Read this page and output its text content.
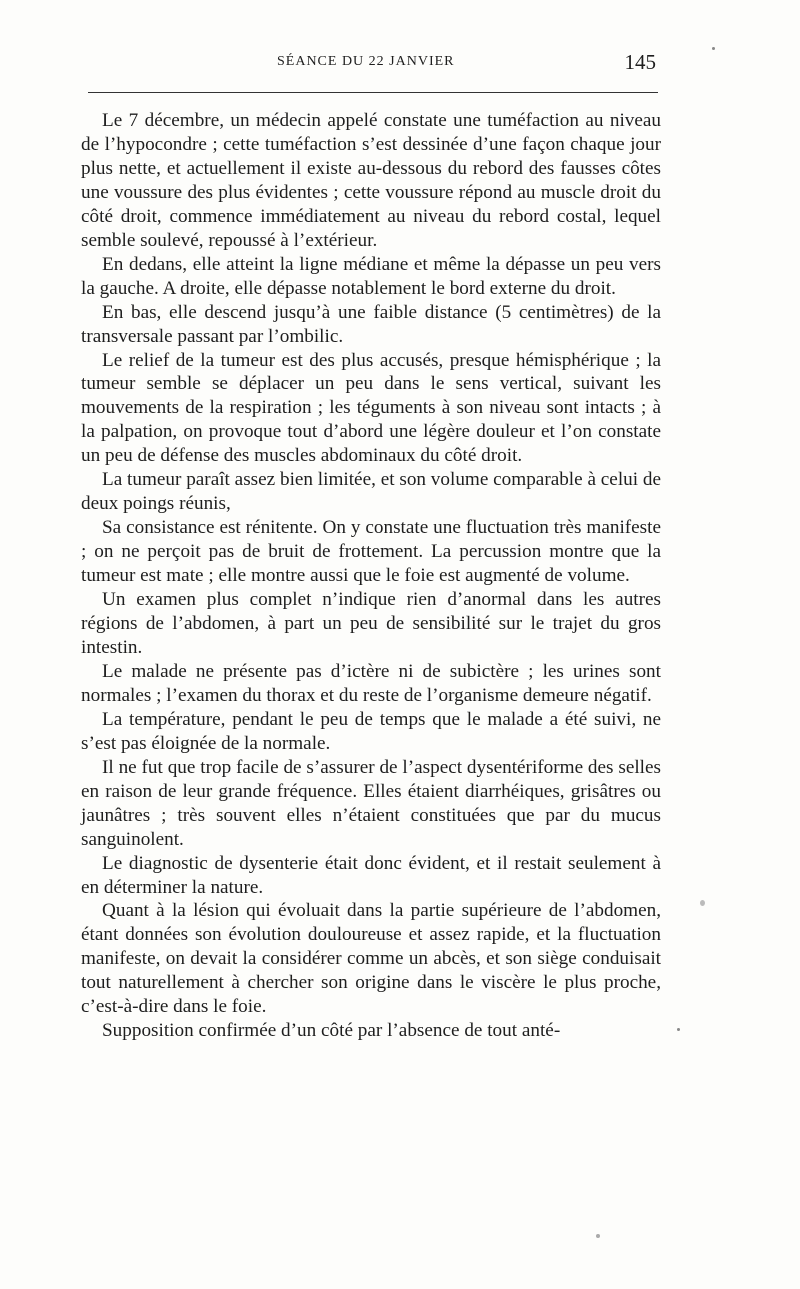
SÉANCE DU 22 JANVIER	145

Le 7 décembre, un médecin appelé constate une tuméfaction au niveau de l’hypocondre ; cette tuméfaction s’est dessinée d’une façon chaque jour plus nette, et actuellement il existe au-dessous du rebord des fausses côtes une voussure des plus évidentes ; cette voussure répond au muscle droit du côté droit, commence immédiatement au niveau du rebord costal, lequel semble soulevé, repoussé à l’extérieur.

En dedans, elle atteint la ligne médiane et même la dépasse un peu vers la gauche. A droite, elle dépasse notablement le bord externe du droit.

En bas, elle descend jusqu’à une faible distance (5 centimètres) de la transversale passant par l’ombilic.

Le relief de la tumeur est des plus accusés, presque hémisphérique ; la tumeur semble se déplacer un peu dans le sens vertical, suivant les mouvements de la respiration ; les téguments à son niveau sont intacts ; à la palpation, on provoque tout d’abord une légère douleur et l’on constate un peu de défense des muscles abdominaux du côté droit.

La tumeur paraît assez bien limitée, et son volume comparable à celui de deux poings réunis,

Sa consistance est rénitente. On y constate une fluctuation très manifeste ; on ne perçoit pas de bruit de frottement. La percussion montre que la tumeur est mate ; elle montre aussi que le foie est augmenté de volume.

Un examen plus complet n’indique rien d’anormal dans les autres régions de l’abdomen, à part un peu de sensibilité sur le trajet du gros intestin.

Le malade ne présente pas d’ictère ni de subictère ; les urines sont normales ; l’examen du thorax et du reste de l’organisme demeure négatif.

La température, pendant le peu de temps que le malade a été suivi, ne s’est pas éloignée de la normale.

Il ne fut que trop facile de s’assurer de l’aspect dysentériforme des selles en raison de leur grande fréquence. Elles étaient diarrhéiques, grisâtres ou jaunâtres ; très souvent elles n’étaient constituées que par du mucus sanguinolent.

Le diagnostic de dysenterie était donc évident, et il restait seulement à en déterminer la nature.

Quant à la lésion qui évoluait dans la partie supérieure de l’abdomen, étant données son évolution douloureuse et assez rapide, et la fluctuation manifeste, on devait la considérer comme un abcès, et son siège conduisait tout naturellement à chercher son origine dans le viscère le plus proche, c’est-à-dire dans le foie.

Supposition confirmée d’un côté par l’absence de tout anté-
